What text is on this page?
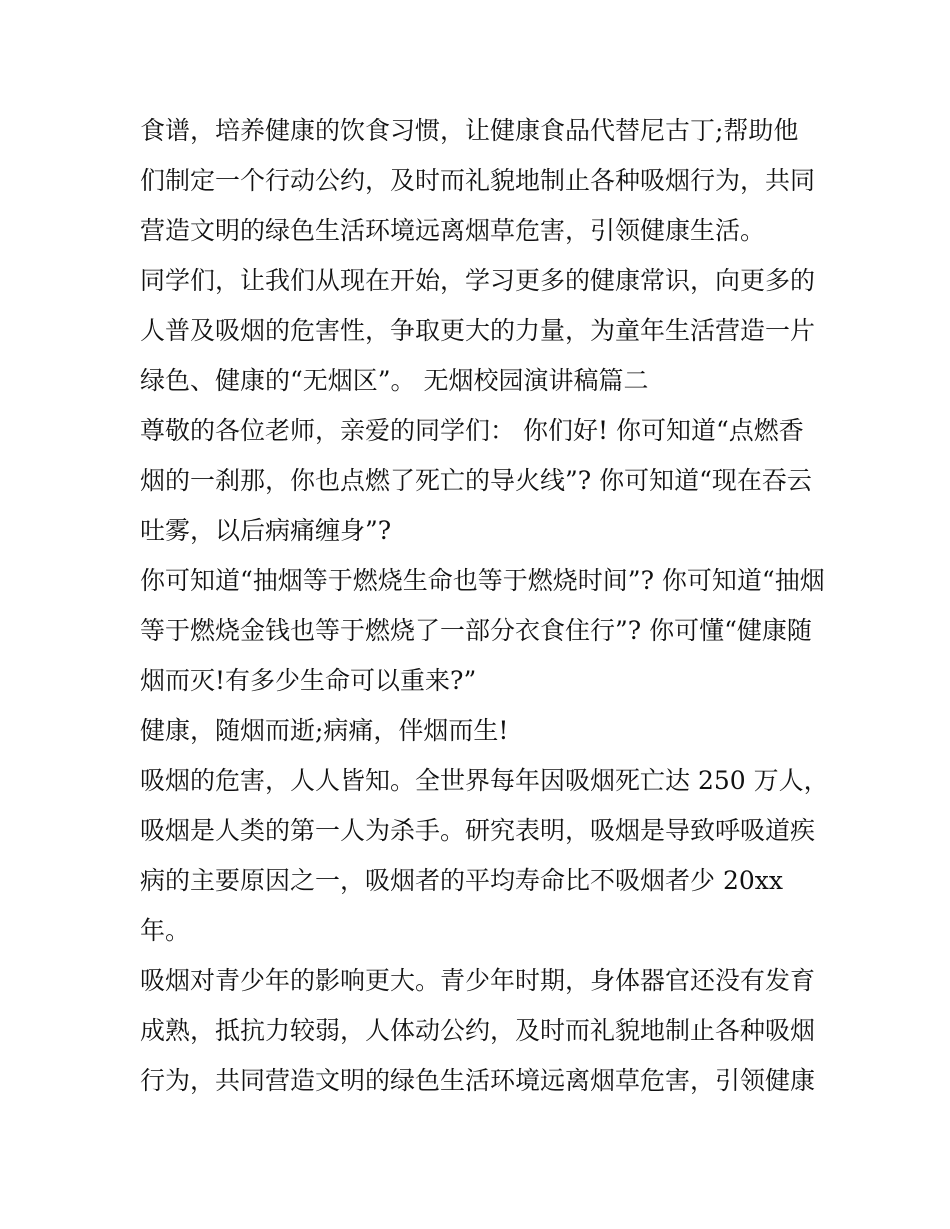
食谱，培养健康的饮食习惯，让健康食品代替尼古丁;帮助他
们制定一个行动公约，及时而礼貌地制止各种吸烟行为，共同
营造文明的绿色生活环境远离烟草危害，引领健康生活。
同学们，让我们从现在开始，学习更多的健康常识，向更多的
人普及吸烟的危害性，争取更大的力量，为童年生活营造一片
绿色、健康的“无烟区”。 无烟校园演讲稿篇二
尊敬的各位老师，亲爱的同学们： 你们好! 你可知道“点燃香
烟的一刹那，你也点燃了死亡的导火线”? 你可知道“现在吞云
吐雾，以后病痛缠身”?
你可知道“抽烟等于燃烧生命也等于燃烧时间”? 你可知道“抽烟
等于燃烧金钱也等于燃烧了一部分衣食住行”? 你可懂“健康随
烟而灭!有多少生命可以重来?”
健康，随烟而逝;病痛，伴烟而生!
吸烟的危害，人人皆知。全世界每年因吸烟死亡达 250 万人，
吸烟是人类的第一人为杀手。研究表明，吸烟是导致呼吸道疾
病的主要原因之一，吸烟者的平均寿命比不吸烟者少 20xx
年。
吸烟对青少年的影响更大。青少年时期，身体器官还没有发育
成熟，抵抗力较弱，人体动公约，及时而礼貌地制止各种吸烟
行为，共同营造文明的绿色生活环境远离烟草危害，引领健康
